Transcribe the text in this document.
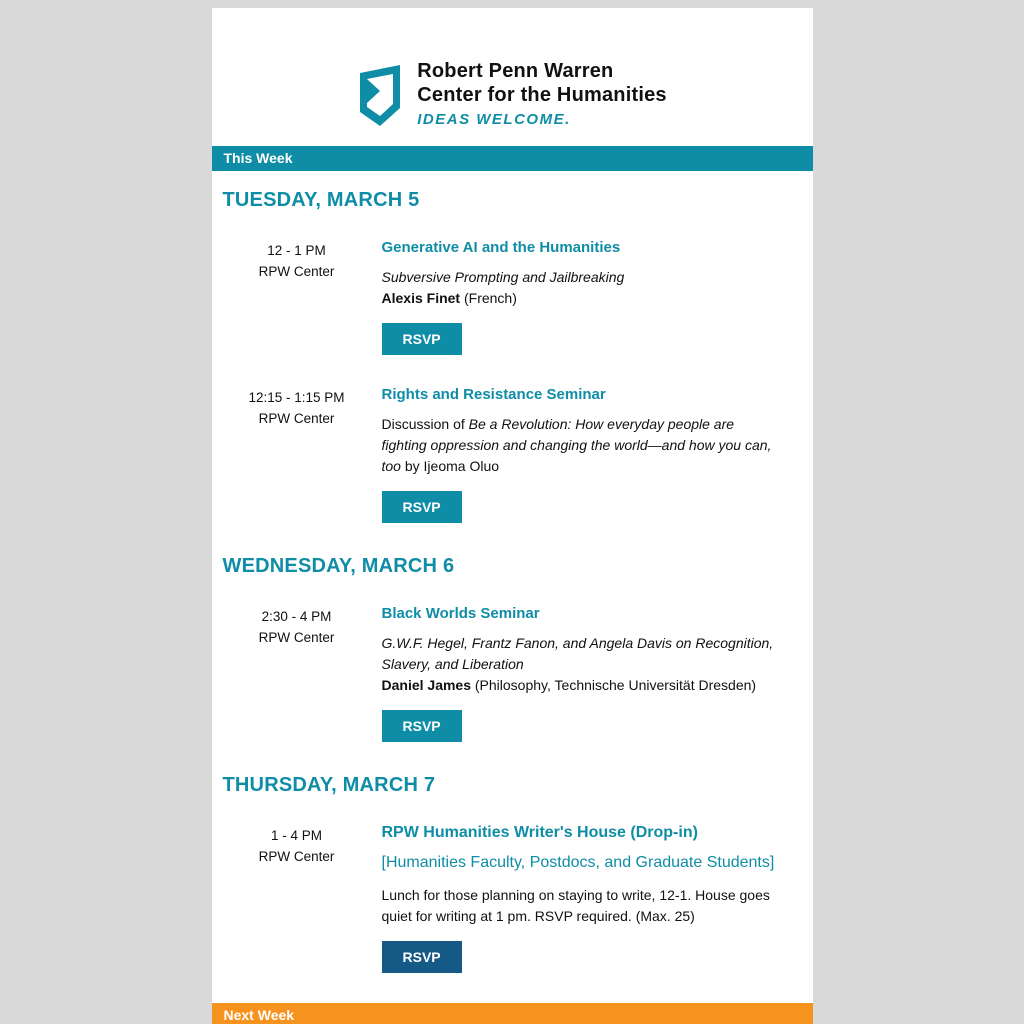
Robert Penn Warren
Center for the Humanities
IDEAS WELCOME.
This Week
TUESDAY, MARCH 5
12 - 1 PM
RPW Center
Generative AI and the Humanities

Subversive Prompting and Jailbreaking

Alexis Finet (French)

RSVP
12:15 - 1:15 PM
RPW Center
Rights and Resistance Seminar

Discussion of Be a Revolution: How everyday people are fighting oppression and changing the world—and how you can, too by Ijeoma Oluo

RSVP
WEDNESDAY, MARCH 6
2:30 - 4 PM
RPW Center
Black Worlds Seminar

G.W.F. Hegel, Frantz Fanon, and Angela Davis on Recognition, Slavery, and Liberation

Daniel James (Philosophy, Technische Universität Dresden)

RSVP
THURSDAY, MARCH 7
1 - 4 PM
RPW Center
RPW Humanities Writer's House (Drop-in)
[Humanities Faculty, Postdocs, and Graduate Students]

Lunch for those planning on staying to write, 12-1. House goes quiet for writing at 1 pm. RSVP required. (Max. 25)

RSVP
Next Week
